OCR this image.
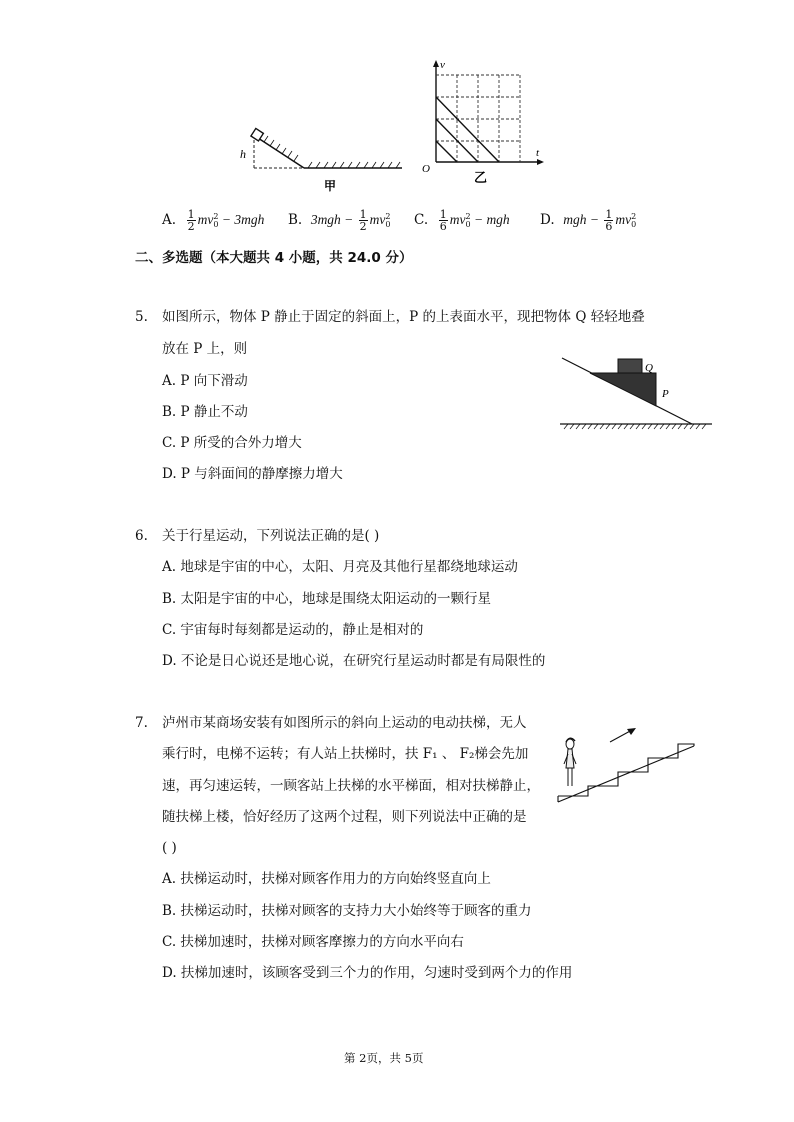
h
甲
v
t
O
乙
A. $\frac{1}{2}$ mv 2
0 − 3mgh B. $3mgh - \frac{1}{2}$ mv 2
0 C. $\frac{1}{6}$ mv 2
0 − mgh D. mgh − $\frac{1}{6}$ mv 2
0
二、多选题（本大题共 4 小题，共 24.0 分）
5. 如图所示，物体 P 静止于固定的斜面上，P 的上表面水平，现把物体 Q 轻轻地叠
放在 P 上，则
A. P 向下滑动
B. P 静止不动
C. P 所受的合外力增大
D. P 与斜面间的静摩擦力增大
Q
P
6. 关于行星运动，下列说法正确的是( )
A. 地球是宇宙的中心，太阳、月亮及其他行星都绕地球运动
B. 太阳是宇宙的中心，地球是围绕太阳运动的一颗行星
C. 宇宙每时每刻都是运动的，静止是相对的
D. 不论是日心说还是地心说，在研究行星运动时都是有局限性的
7. 泸州市某商场安装有如图所示的斜向上运动的电动扶梯，无人
乘行时，电梯不运转；有人站上扶梯时，扶 F₁ 、 F₂梯会先加
速，再匀速运转，一顾客站上扶梯的水平梯面，相对扶梯静止，
随扶梯上楼，恰好经历了这两个过程，则下列说法中正确的是
( )
A. 扶梯运动时，扶梯对顾客作用力的方向始终竖直向上
B. 扶梯运动时，扶梯对顾客的支持力大小始终等于顾客的重力
C. 扶梯加速时，扶梯对顾客摩擦力的方向水平向右
D. 扶梯加速时，该顾客受到三个力的作用，匀速时受到两个力的作用
第 2页，共 5页
